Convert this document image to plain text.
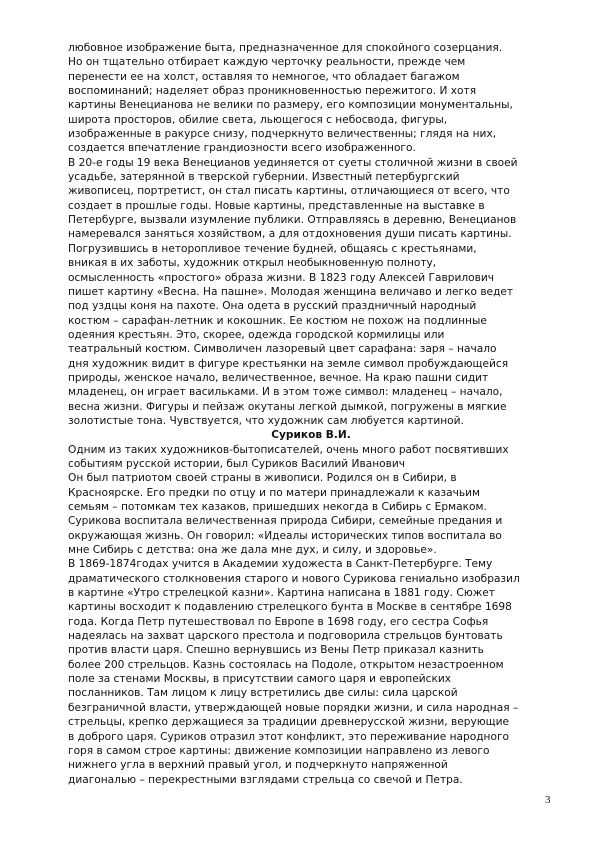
любовное изображение быта, предназначенное для спокойного созерцания.
Но он тщательно отбирает каждую черточку реальности, прежде чем
перенести ее на холст, оставляя то немногое, что обладает багажом
воспоминаний; наделяет образ проникновенностью пережитого. И хотя
картины Венецианова не велики по размеру, его композиции монументальны,
широта просторов, обилие света, льющегося с небосвода, фигуры,
изображенные в ракурсе снизу, подчеркнуто величественны; глядя на них,
создается впечатление грандиозности всего изображенного.
В 20-е годы 19 века Венецианов уединяется от суеты столичной жизни в своей
усадьбе, затерянной в тверской губернии. Известный петербургский
живописец, портретист, он стал писать картины, отличающиеся от всего, что
создает в прошлые годы. Новые картины, представленные на выставке в
Петербурге, вызвали изумление публики. Отправляясь в деревню, Венецианов
намеревался заняться хозяйством, а для отдохновения души писать картины.
Погрузившись в неторопливое течение будней, общаясь с крестьянами,
вникая в их заботы, художник открыл необыкновенную полноту,
осмысленность «простого» образа жизни. В 1823 году Алексей Гаврилович
пишет картину «Весна. На пашне». Молодая женщина величаво и легко ведет
под уздцы коня на пахоте. Она одета в русский праздничный народный
костюм – сарафан-летник и кокошник. Ее костюм не похож на подлинные
одеяния крестьян. Это, скорее, одежда городской кормилицы или
театральный костюм. Символичен лазоревый цвет сарафана: заря – начало
дня художник видит в фигуре крестьянки на земле символ пробуждающейся
природы, женское начало, величественное, вечное. На краю пашни сидит
младенец, он играет васильками. И в этом тоже символ: младенец – начало,
весна жизни. Фигуры и пейзаж окутаны легкой дымкой, погружены в мягкие
золотистые тона. Чувствуется, что художник сам любуется картиной.
Суриков В.И.
Одним из таких художников-бытописателей, очень много работ посвятивших
событиям русской истории, был Суриков Василий Иванович
Он был патриотом своей страны в живописи. Родился он в Сибири, в
Красноярске. Его предки по отцу и по матери принадлежали к казачьим
семьям – потомкам тех казаков, пришедших некогда в Сибирь с Ермаком.
Сурикова воспитала величественная природа Сибири, семейные предания и
окружающая жизнь. Он говорил: «Идеалы исторических типов воспитала во
мне Сибирь с детства: она же дала мне дух, и силу, и здоровье».
В 1869-1874годах учится в Академии художеста в Санкт-Петербурге. Тему
драматического столкновения старого и нового Сурикова гениально изобразил
в картине «Утро стрелецкой казни». Картина написана в 1881 году. Сюжет
картины восходит к подавлению стрелецкого бунта в Москве в сентябре 1698
года. Когда Петр путешествовал по Европе в 1698 году, его сестра Софья
надеялась на захват царского престола и подговорила стрельцов бунтовать
против власти царя. Спешно вернувшись из Вены Петр приказал казнить
более 200 стрельцов. Казнь состоялась на Подоле, открытом незастроенном
поле за стенами Москвы, в присутствии самого царя и европейских
посланников. Там лицом к лицу встретились две силы: сила царской
безграничной власти, утверждающей новые порядки жизни, и сила народная –
стрельцы, крепко держащиеся за традиции древнерусской жизни, верующие
в доброго царя. Суриков отразил этот конфликт, это переживание народного
горя в самом строе картины: движение композиции направлено из левого
нижнего угла в верхний правый угол, и подчеркнуто напряженной
диагональю – перекрестными взглядами стрельца со свечой и Петра.
3
